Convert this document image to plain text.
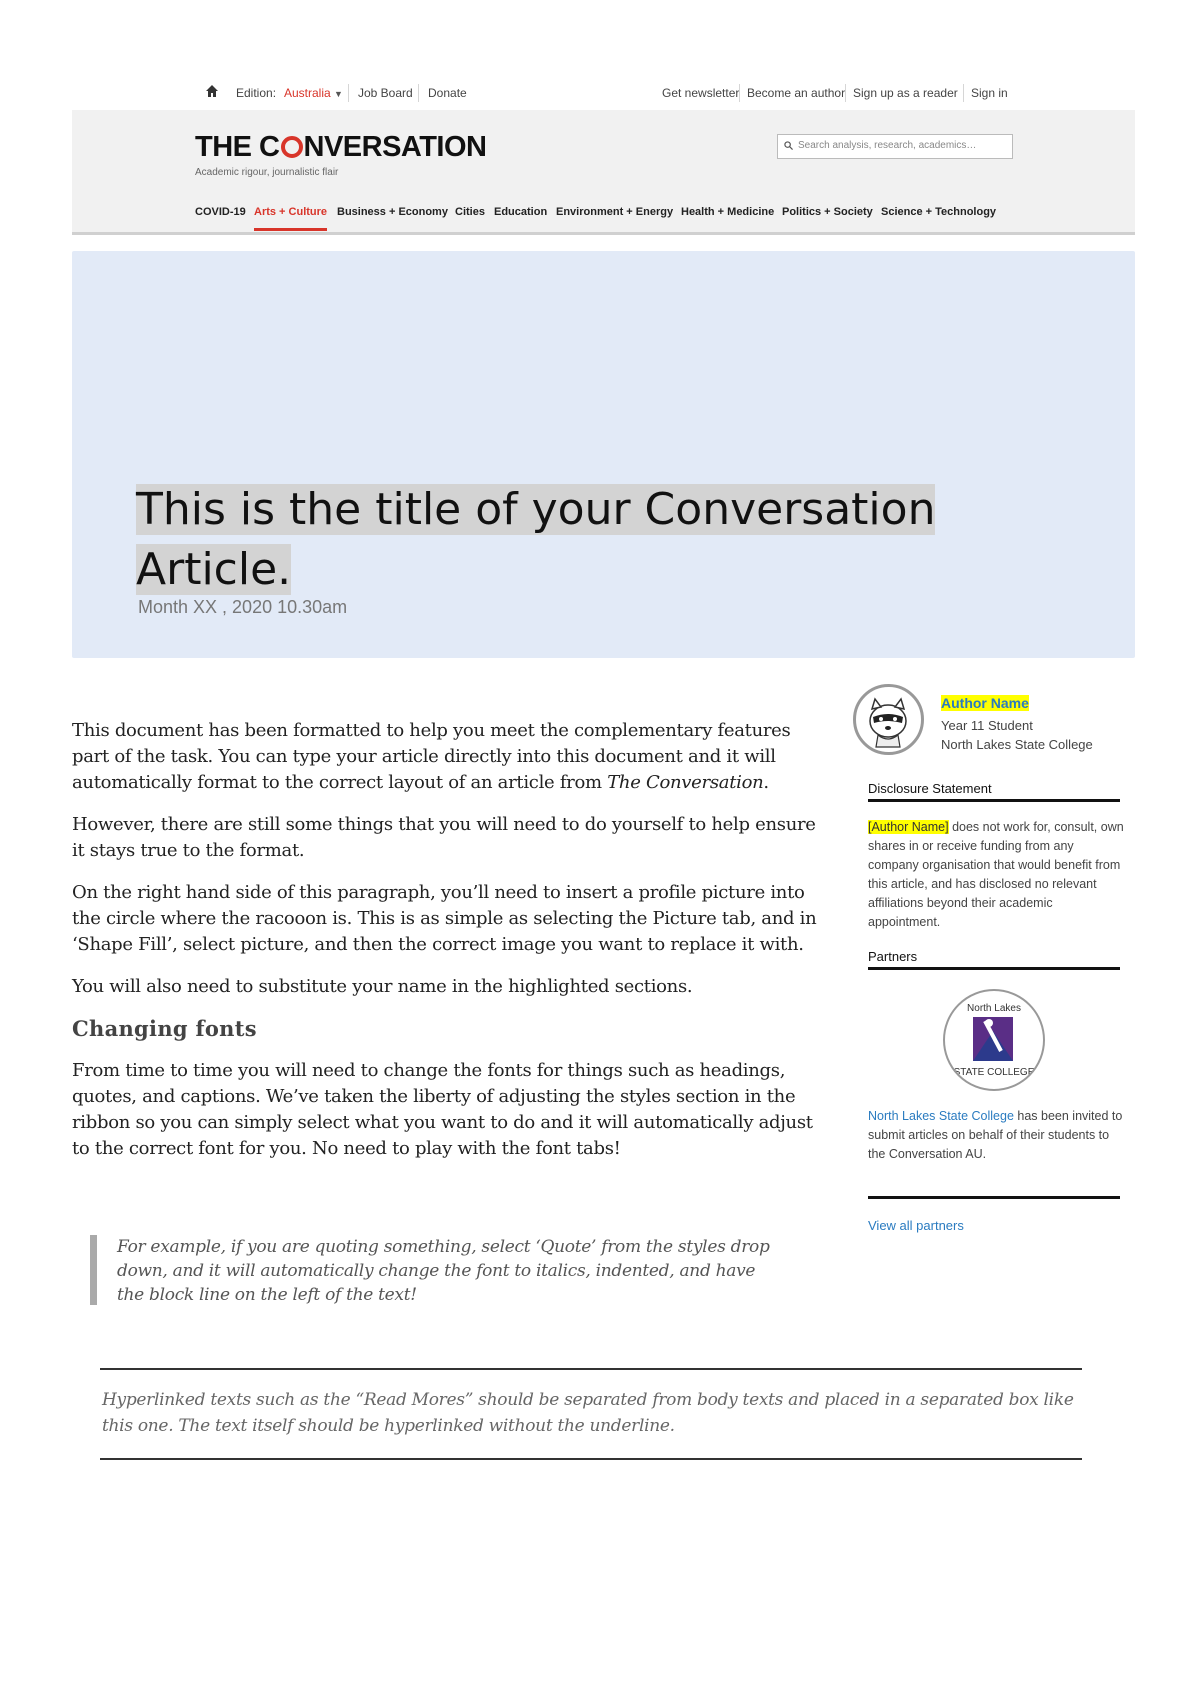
Edition: Australia ▼ Job Board Donate	Get newsletter Become an author Sign up as a reader Sign in
THE C NVERSATION
Academic rigour, journalistic flair
Search analysis, research, academics…
COVID-19 Arts + Culture Business + Economy Cities Education Environment + Energy Health + Medicine Politics + Society Science + Technology
This is the title of your Conversation
Article.
Month XX , 2020 10.30am

This document has been formatted to help you meet the complementary features part of the task. You can type your article directly into this document and it will automatically format to the correct layout of an article from The Conversation.

However, there are still some things that you will need to do yourself to help ensure it stays true to the format.

On the right hand side of this paragraph, you’ll need to insert a profile picture into the circle where the racooon is. This is as simple as selecting the Picture tab, and in ‘Shape Fill’, select picture, and then the correct image you want to replace it with.

You will also need to substitute your name in the highlighted sections.

Changing fonts

From time to time you will need to change the fonts for things such as headings, quotes, and captions. We’ve taken the liberty of adjusting the styles section in the ribbon so you can simply select what you want to do and it will automatically adjust to the correct font for you. No need to play with the font tabs!

For example, if you are quoting something, select ‘Quote’ from the styles drop down, and it will automatically change the font to italics, indented, and have the block line on the left of the text!
Hyperlinked texts such as the “Read Mores” should be separated from body texts and placed in a separated box like this one. The text itself should be hyperlinked without the underline.
Author Name
Year 11 Student
North Lakes State College
Disclosure Statement
[Author Name] does not work for, consult, own shares in or receive funding from any company organisation that would benefit from this article, and has disclosed no relevant affiliations beyond their academic appointment.
Partners
North Lakes
STATE COLLEGE
North Lakes State College has been invited to submit articles on behalf of their students to the Conversation AU.
View all partners
